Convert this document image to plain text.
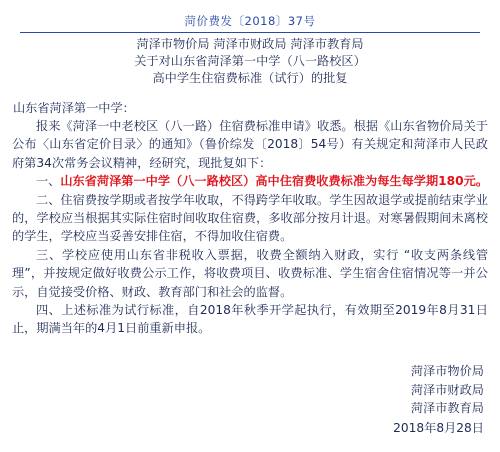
菏价费发〔2018〕37号
菏泽市物价局 菏泽市财政局 菏泽市教育局
关于对山东省菏泽第一中学（八一路校区）
高中学生住宿费标准（试行）的批复
山东省菏泽第一中学：

报来《菏泽一中老校区（八一路）住宿费标准申请》收悉。根据《山东省物价局关于公布〈山东省定价目录〉的通知》（鲁价综发〔2018〕54号）有关规定和菏泽市人民政府第34次常务会议精神，经研究，现批复如下：

一、山东省菏泽第一中学（八一路校区）高中住宿费收费标准为每生每学期180元。

二、住宿费按学期或者按学年收取，不得跨学年收取。学生因故退学或提前结束学业的，学校应当根据其实际住宿时间收取住宿费，多收部分按月计退。对寒暑假期间未离校的学生，学校应当妥善安排住宿，不得加收住宿费。

三、学校应使用山东省非税收入票据，收费全额纳入财政，实行 “收支两条线管理”，并按规定做好收费公示工作，将收费项目、收费标准、学生宿舍住宿情况等一并公示，自觉接受价格、财政、教育部门和社会的监督。

四、上述标准为试行标准，自2018年秋季开学起执行，有效期至2019年8月31日止，期满当年的4月1日前重新申报。

菏泽市物价局
菏泽市财政局
菏泽市教育局
2018年8月28日
